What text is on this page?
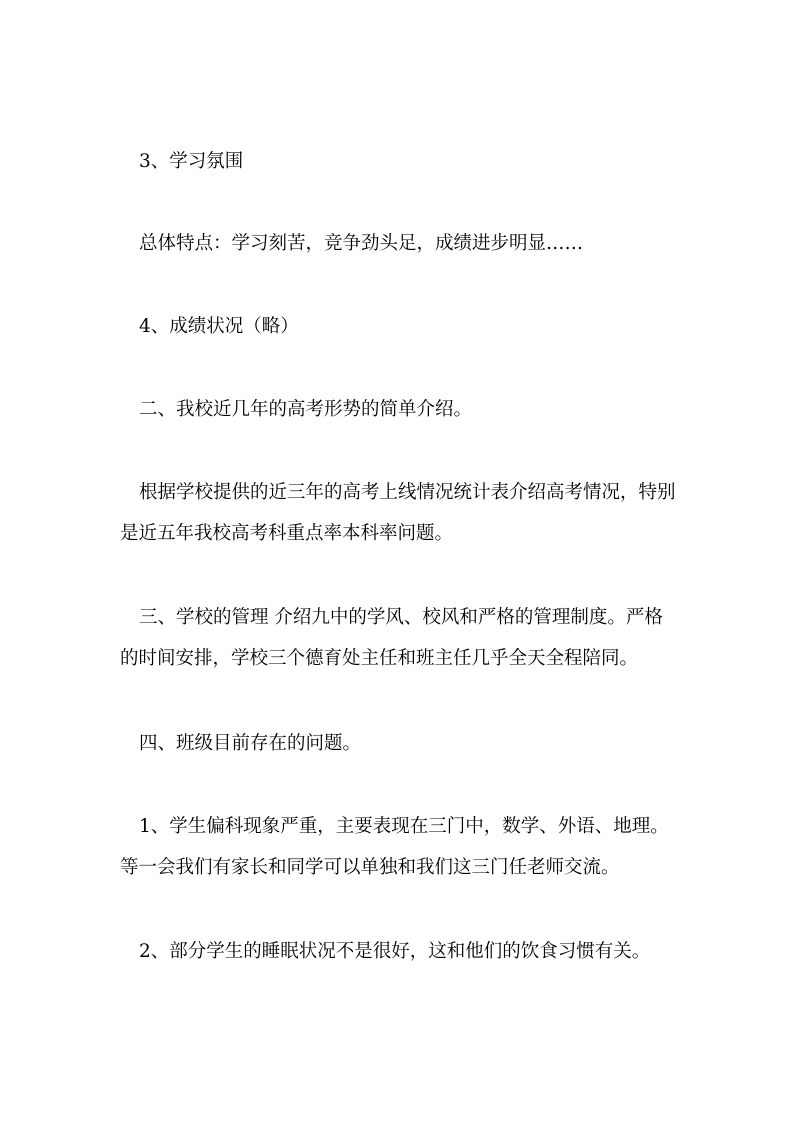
3、学习氛围
总体特点：学习刻苦，竞争劲头足，成绩进步明显……
4、成绩状况（略）
二、我校近几年的高考形势的简单介绍。
根据学校提供的近三年的高考上线情况统计表介绍高考情况，特别
是近五年我校高考科重点率本科率问题。
三、学校的管理 介绍九中的学风、校风和严格的管理制度。严格
的时间安排，学校三个德育处主任和班主任几乎全天全程陪同。
四、班级目前存在的问题。
1、学生偏科现象严重，主要表现在三门中，数学、外语、地理。
等一会我们有家长和同学可以单独和我们这三门任老师交流。
2、部分学生的睡眠状况不是很好，这和他们的饮食习惯有关。
